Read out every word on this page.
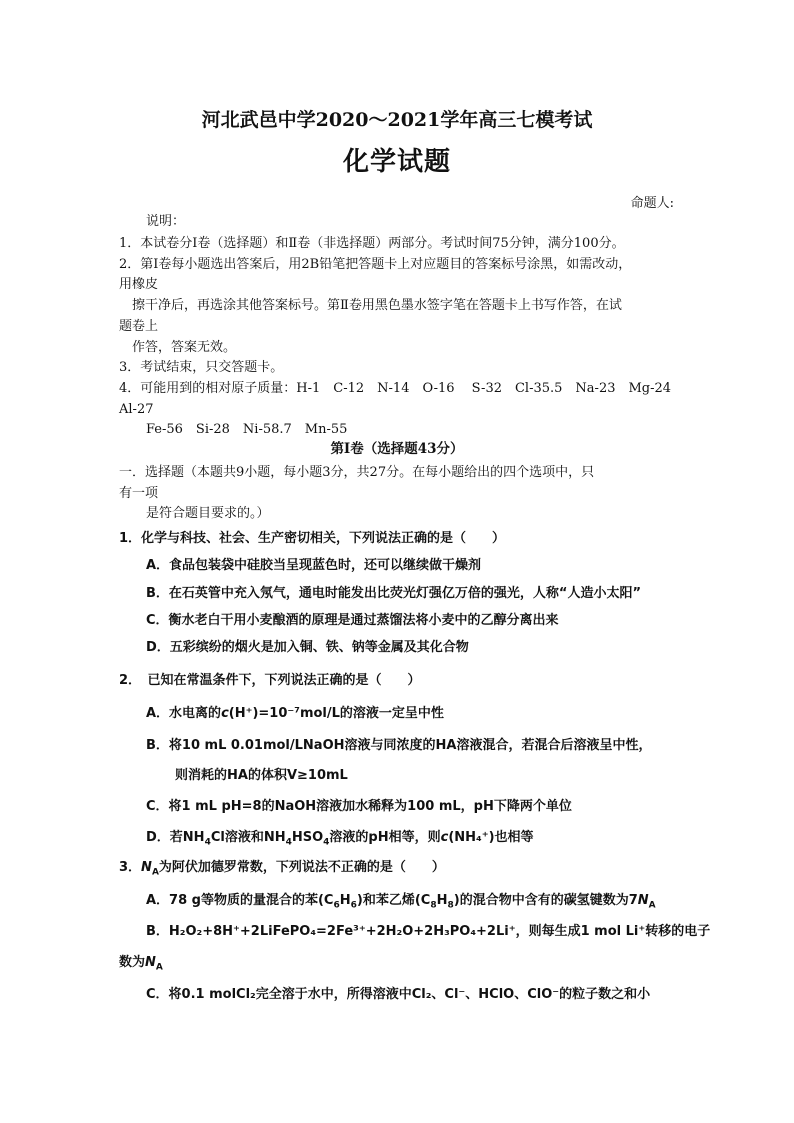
河北武邑中学2020～2021学年高三七模考试
化学试题
命题人:
说明：
1．本试卷分Ⅰ卷（选择题）和Ⅱ卷（非选择题）两部分。考试时间75分钟，满分100分。
2．第Ⅰ卷每小题选出答案后，用2B铅笔把答题卡上对应题目的答案标号涂黑，如需改动，
用橡皮
擦干净后，再选涂其他答案标号。第Ⅱ卷用黑色墨水签字笔在答题卡上书写作答，在试
题卷上
作答，答案无效。
3．考试结束，只交答题卡。
4．可能用到的相对原子质量：H-1　C-12　N-14　O-16　 S-32　Cl-35.5　Na-23　Mg-24
Al-27
Fe-56　Si-28　Ni-58.7　Mn-55
第Ⅰ卷（选择题43分）
一．选择题（本题共9小题，每小题3分，共27分。在每小题给出的四个选项中，只
有一项
是符合题目要求的。）
1．化学与科技、社会、生产密切相关，下列说法正确的是（　　）
A．食品包装袋中硅胶当呈现蓝色时，还可以继续做干燥剂
B．在石英管中充入氖气，通电时能发出比荧光灯强亿万倍的强光，人称“人造小太阳”
C．衡水老白干用小麦酿酒的原理是通过蒸馏法将小麦中的乙醇分离出来
D．五彩缤纷的烟火是加入铜、铁、钠等金属及其化合物
2．　已知在常温条件下，下列说法正确的是（　　）
A．水电离的c(H⁺)=10⁻⁷mol/L的溶液一定呈中性
B．将10 mL 0.01mol/LNaOH溶液与同浓度的HA溶液混合，若混合后溶液呈中性，
则消耗的HA的体积V≥10mL
C．将1 mL pH=8的NaOH溶液加水稀释为100 mL，pH下降两个单位
D．若$NH_4Cl$溶液和$NH_4HSO_4$溶液的pH相等，则c(NH₄⁺)也相等
3．$N_A$为阿伏加德罗常数，下列说法不正确的是（　　）
A．78 g等物质的量混合的苯$(C_6H_6)$和苯乙烯$(C_8H_8)$的混合物中含有的碳氢键数为$7N_A$
B．H₂O₂+8H⁺+2LiFePO₄=2Fe³⁺+2H₂O+2H₃PO₄+2Li⁺，则每生成1 mol Li⁺转移的电子
数为$N_A$
C．将0.1 molCl₂完全溶于水中，所得溶液中Cl₂、Cl⁻、HClO、ClO⁻的粒子数之和小
